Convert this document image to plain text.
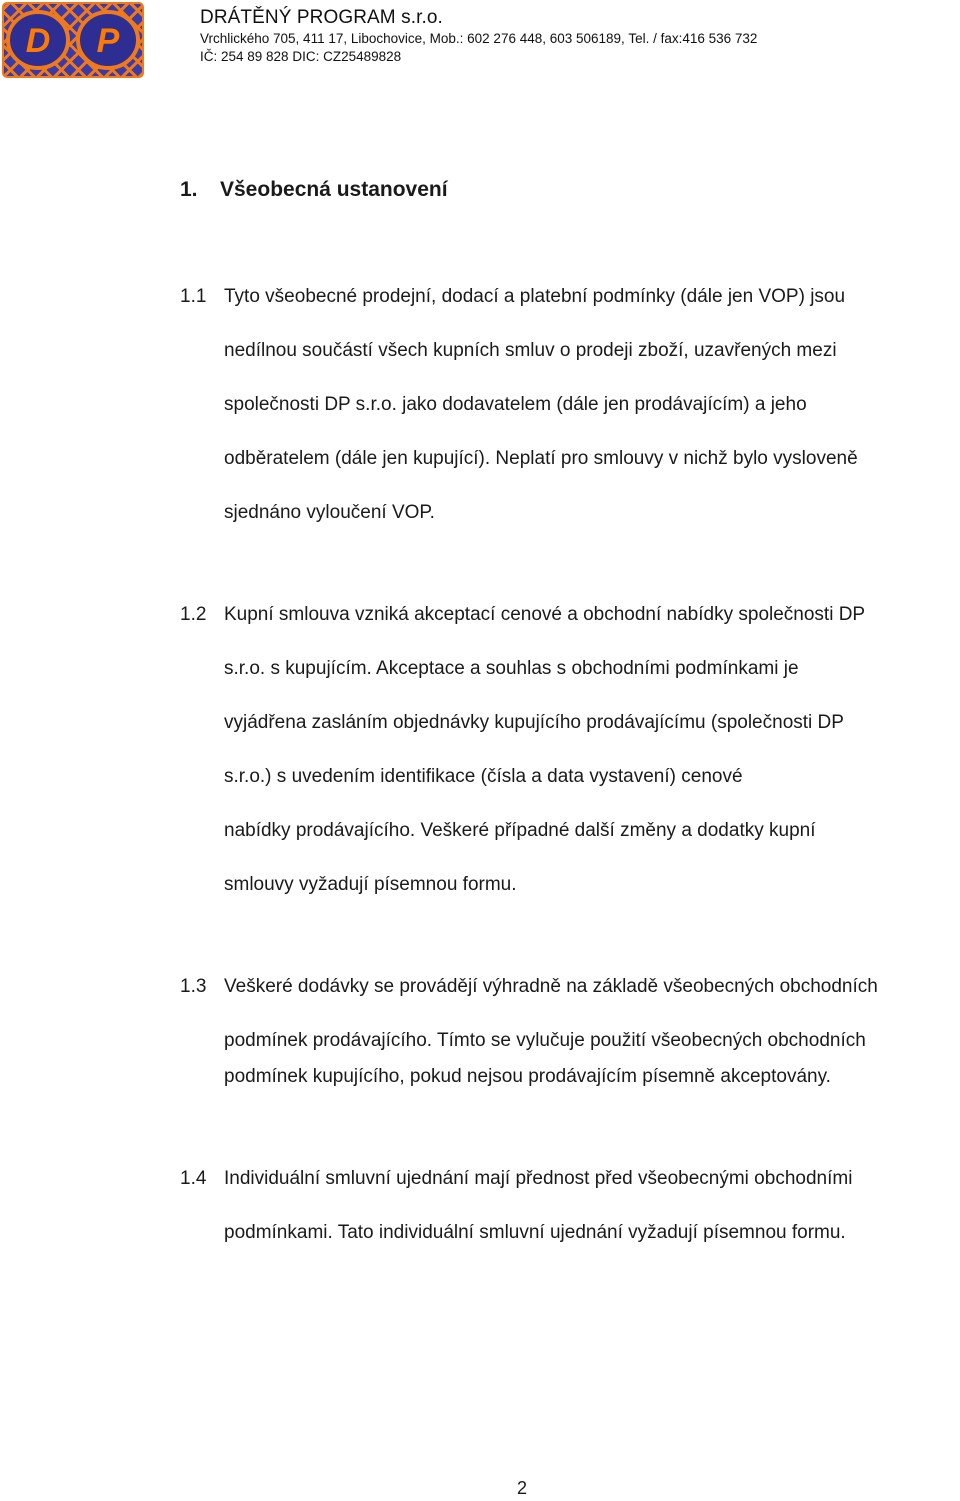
D P
DRÁTĚNÝ PROGRAM s.r.o.
Vrchlického 705, 411 17, Libochovice, Mob.: 602 276 448, 603 506189, Tel. / fax:416 536 732
IČ: 254 89 828 DIC: CZ25489828
1. Všeobecná ustanovení
1.1 Tyto všeobecné prodejní, dodací a platební podmínky (dále jen VOP) jsou
nedílnou součástí všech kupních smluv o prodeji zboží, uzavřených mezi
společnosti DP s.r.o. jako dodavatelem (dále jen prodávajícím) a jeho
odběratelem (dále jen kupující). Neplatí pro smlouvy v nichž bylo vysloveně
sjednáno vyloučení VOP.
1.2 Kupní smlouva vzniká akceptací cenové a obchodní nabídky společnosti DP
s.r.o. s kupujícím. Akceptace a souhlas s obchodními podmínkami je
vyjádřena zasláním objednávky kupujícího prodávajícímu (společnosti DP
s.r.o.) s uvedením identifikace (čísla a data vystavení) cenové
nabídky prodávajícího. Veškeré případné další změny a dodatky kupní
smlouvy vyžadují písemnou formu.
1.3 Veškeré dodávky se provádějí výhradně na základě všeobecných obchodních
podmínek prodávajícího. Tímto se vylučuje použití všeobecných obchodních
podmínek kupujícího, pokud nejsou prodávajícím písemně akceptovány.
1.4 Individuální smluvní ujednání mají přednost před všeobecnými obchodními
podmínkami. Tato individuální smluvní ujednání vyžadují písemnou formu.
2
